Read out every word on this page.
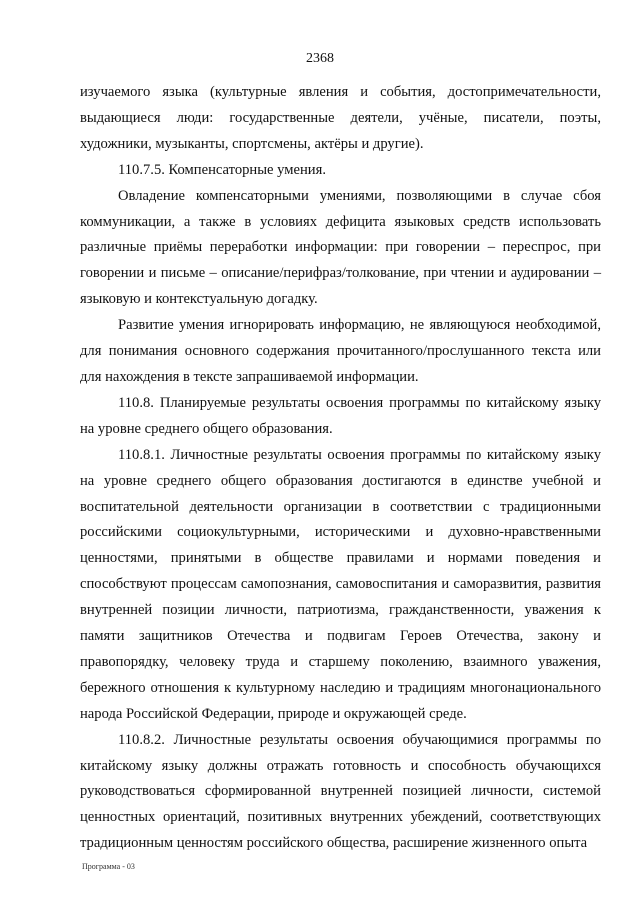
2368

изучаемого языка (культурные явления и события, достопримечательности, выдающиеся люди: государственные деятели, учёные, писатели, поэты, художники, музыканты, спортсмены, актёры и другие).

110.7.5. Компенсаторные умения.

Овладение компенсаторными умениями, позволяющими в случае сбоя коммуникации, а также в условиях дефицита языковых средств использовать различные приёмы переработки информации: при говорении – переспрос, при говорении и письме – описание/перифраз/толкование, при чтении и аудировании – языковую и контекстуальную догадку.

Развитие умения игнорировать информацию, не являющуюся необходимой, для понимания основного содержания прочитанного/прослушанного текста или для нахождения в тексте запрашиваемой информации.

110.8. Планируемые результаты освоения программы по китайскому языку на уровне среднего общего образования.

110.8.1. Личностные результаты освоения программы по китайскому языку на уровне среднего общего образования достигаются в единстве учебной и воспитательной деятельности организации в соответствии с традиционными российскими социокультурными, историческими и духовно-нравственными ценностями, принятыми в обществе правилами и нормами поведения и способствуют процессам самопознания, самовоспитания и саморазвития, развития внутренней позиции личности, патриотизма, гражданственности, уважения к памяти защитников Отечества и подвигам Героев Отечества, закону и правопорядку, человеку труда и старшему поколению, взаимного уважения, бережного отношения к культурному наследию и традициям многонационального народа Российской Федерации, природе и окружающей среде.

110.8.2. Личностные результаты освоения обучающимися программы по китайскому языку должны отражать готовность и способность обучающихся руководствоваться сформированной внутренней позицией личности, системой ценностных ориентаций, позитивных внутренних убеждений, соответствующих традиционным ценностям российского общества, расширение жизненного опыта

Программа - 03
